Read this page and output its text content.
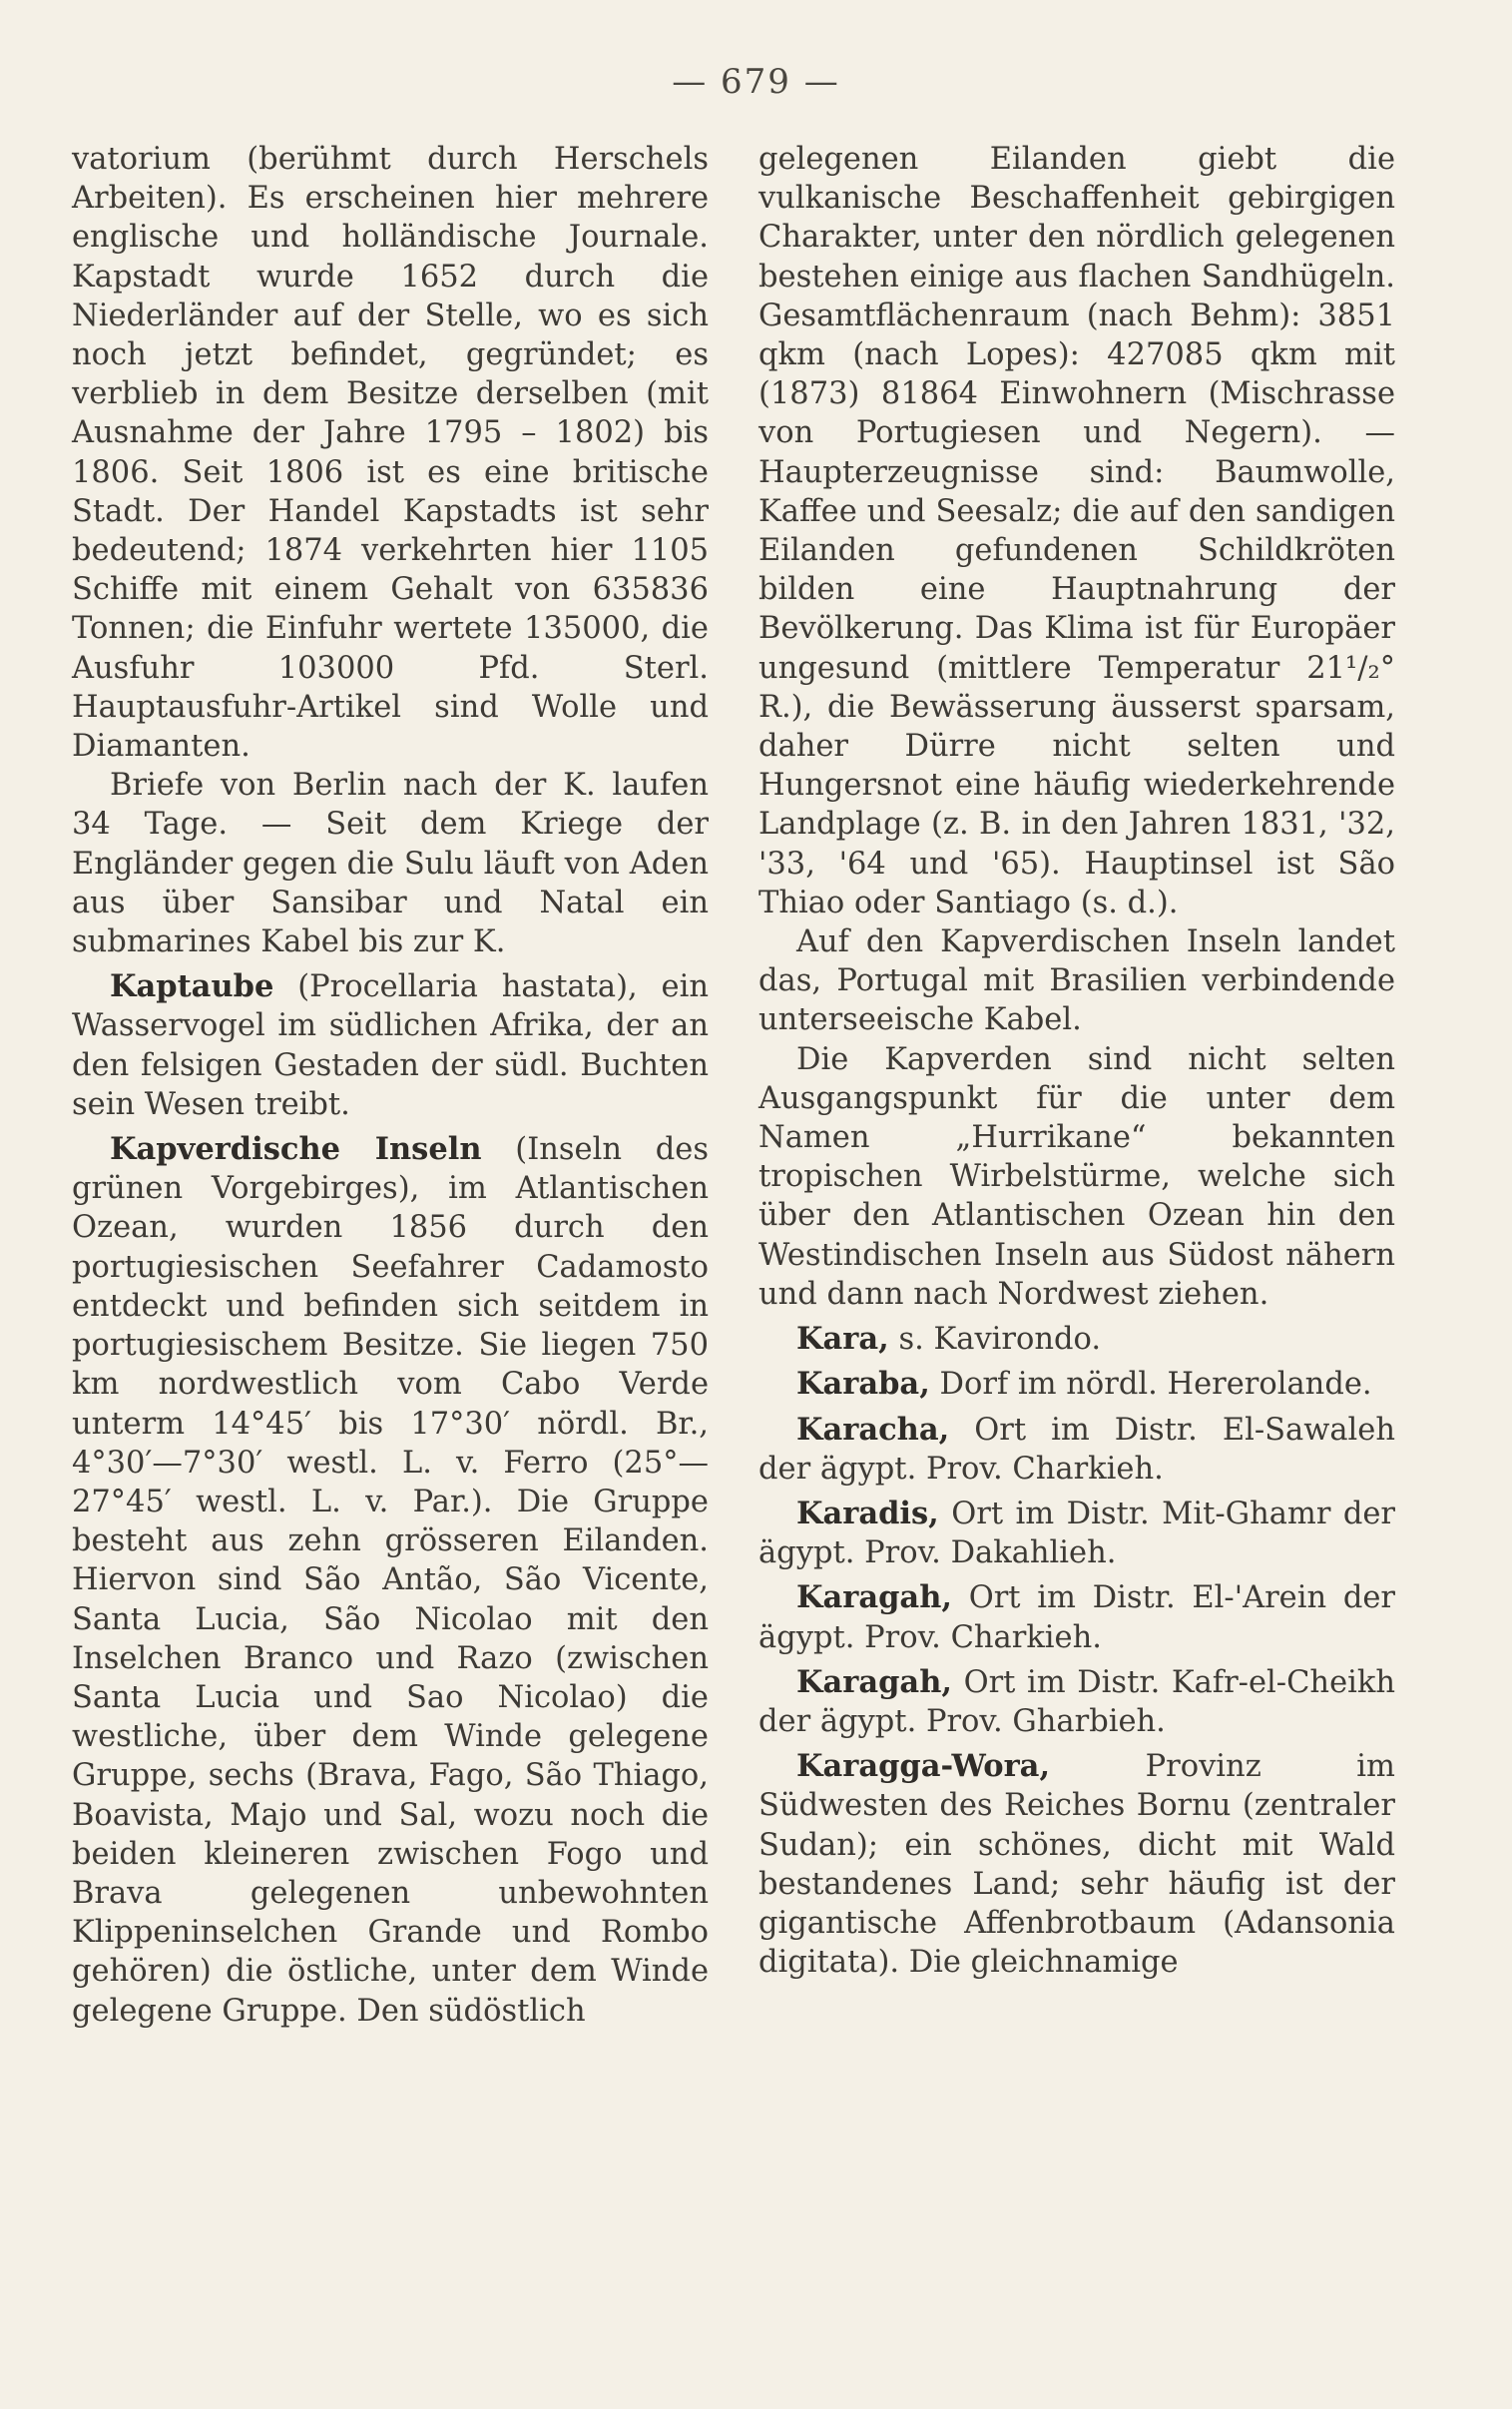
— 679 —

vatorium (berühmt durch Herschels Arbeiten). Es erscheinen hier mehrere englische und holländische Journale. Kapstadt wurde 1652 durch die Niederländer auf der Stelle, wo es sich noch jetzt befindet, gegründet; es verblieb in dem Besitze derselben (mit Ausnahme der Jahre 1795 – 1802) bis 1806. Seit 1806 ist es eine britische Stadt. Der Handel Kapstadts ist sehr bedeutend; 1874 verkehrten hier 1105 Schiffe mit einem Gehalt von 635836 Tonnen; die Einfuhr wertete 135000, die Ausfuhr 103000 Pfd. Sterl. Hauptausfuhr-Artikel sind Wolle und Diamanten.

Briefe von Berlin nach der K. laufen 34 Tage. — Seit dem Kriege der Engländer gegen die Sulu läuft von Aden aus über Sansibar und Natal ein submarines Kabel bis zur K.

Kaptaube (Procellaria hastata), ein Wasservogel im südlichen Afrika, der an den felsigen Gestaden der südl. Buchten sein Wesen treibt.

Kapverdische Inseln (Inseln des grünen Vorgebirges), im Atlantischen Ozean, wurden 1856 durch den portugiesischen Seefahrer Cadamosto entdeckt und befinden sich seitdem in portugiesischem Besitze. Sie liegen 750 km nordwestlich vom Cabo Verde unterm 14°45′ bis 17°30′ nördl. Br., 4°30′—7°30′ westl. L. v. Ferro (25°—27°45′ westl. L. v. Par.). Die Gruppe besteht aus zehn grösseren Eilanden. Hiervon sind São Antão, São Vicente, Santa Lucia, São Nicolao mit den Inselchen Branco und Razo (zwischen Santa Lucia und Sao Nicolao) die westliche, über dem Winde gelegene Gruppe, sechs (Brava, Fago, São Thiago, Boavista, Majo und Sal, wozu noch die beiden kleineren zwischen Fogo und Brava gelegenen unbewohnten Klippeninselchen Grande und Rombo gehören) die östliche, unter dem Winde gelegene Gruppe. Den südöstlich

gelegenen Eilanden giebt die vulkanische Beschaffenheit gebirgigen Charakter, unter den nördlich gelegenen bestehen einige aus flachen Sandhügeln. Gesamtflächenraum (nach Behm): 3851 qkm (nach Lopes): 427085 qkm mit (1873) 81864 Einwohnern (Mischrasse von Portugiesen und Negern). — Haupterzeugnisse sind: Baumwolle, Kaffee und Seesalz; die auf den sandigen Eilanden gefundenen Schildkröten bilden eine Hauptnahrung der Bevölkerung. Das Klima ist für Europäer ungesund (mittlere Temperatur 21¹/₂° R.), die Bewässerung äusserst sparsam, daher Dürre nicht selten und Hungersnot eine häufig wiederkehrende Landplage (z. B. in den Jahren 1831, '32, '33, '64 und '65). Hauptinsel ist São Thiao oder Santiago (s. d.).

Auf den Kapverdischen Inseln landet das, Portugal mit Brasilien verbindende unterseeische Kabel.

Die Kapverden sind nicht selten Ausgangspunkt für die unter dem Namen „Hurrikane“ bekannten tropischen Wirbelstürme, welche sich über den Atlantischen Ozean hin den Westindischen Inseln aus Südost nähern und dann nach Nordwest ziehen.

Kara, s. Kavirondo.

Karaba, Dorf im nördl. Hererolande.

Karacha, Ort im Distr. El-Sawaleh der ägypt. Prov. Charkieh.

Karadis, Ort im Distr. Mit-Ghamr der ägypt. Prov. Dakahlieh.

Karagah, Ort im Distr. El-'Arein der ägypt. Prov. Charkieh.

Karagah, Ort im Distr. Kafr-el-Cheikh der ägypt. Prov. Gharbieh.

Karagga-Wora,	Provinz im Südwesten des Reiches Bornu (zentraler Sudan); ein schönes, dicht mit Wald bestandenes Land; sehr häufig ist der gigantische Affenbrotbaum (Adansonia digitata). Die gleichnamige
